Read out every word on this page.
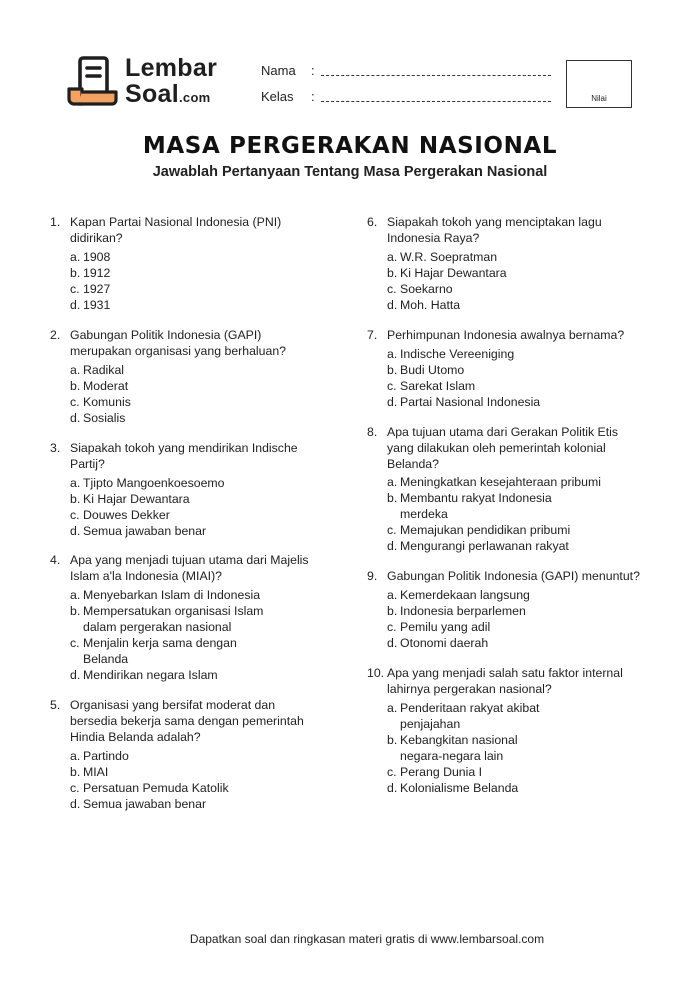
Lembar
Soal.com
Nama :
Kelas :	Nilai
MASA PERGERAKAN NASIONAL
Jawablah Pertanyaan Tentang Masa Pergerakan Nasional
1. Kapan Partai Nasional Indonesia (PNI)
didirikan?
a. 1908
b. 1912
c. 1927
d. 1931
2. Gabungan Politik Indonesia (GAPI)
merupakan organisasi yang berhaluan?
a. Radikal
b. Moderat
c. Komunis
d. Sosialis
3. Siapakah tokoh yang mendirikan Indische
Partij?
a. Tjipto Mangoenkoesoemo
b. Ki Hajar Dewantara
c. Douwes Dekker
d. Semua jawaban benar
4. Apa yang menjadi tujuan utama dari Majelis
Islam a'la Indonesia (MIAI)?
a. Menyebarkan Islam di Indonesia
b. Mempersatukan organisasi Islam
dalam pergerakan nasional
c. Menjalin kerja sama dengan
Belanda
d. Mendirikan negara Islam
5. Organisasi yang bersifat moderat dan
bersedia bekerja sama dengan pemerintah
Hindia Belanda adalah?
a. Partindo
b. MIAI
c. Persatuan Pemuda Katolik
d. Semua jawaban benar
6. Siapakah tokoh yang menciptakan lagu
Indonesia Raya?
a. W.R. Soepratman
b. Ki Hajar Dewantara
c. Soekarno
d. Moh. Hatta
7. Perhimpunan Indonesia awalnya bernama?
a. Indische Vereeniging
b. Budi Utomo
c. Sarekat Islam
d. Partai Nasional Indonesia
8. Apa tujuan utama dari Gerakan Politik Etis
yang dilakukan oleh pemerintah kolonial
Belanda?
a. Meningkatkan kesejahteraan pribumi
b. Membantu rakyat Indonesia
merdeka
c. Memajukan pendidikan pribumi
d. Mengurangi perlawanan rakyat
9. Gabungan Politik Indonesia (GAPI) menuntut?
a. Kemerdekaan langsung
b. Indonesia berparlemen
c. Pemilu yang adil
d. Otonomi daerah
10. Apa yang menjadi salah satu faktor internal
lahirnya pergerakan nasional?
a. Penderitaan rakyat akibat
penjajahan
b. Kebangkitan nasional
negara-negara lain
c. Perang Dunia I
d. Kolonialisme Belanda
Dapatkan soal dan ringkasan materi gratis di www.lembarsoal.com
